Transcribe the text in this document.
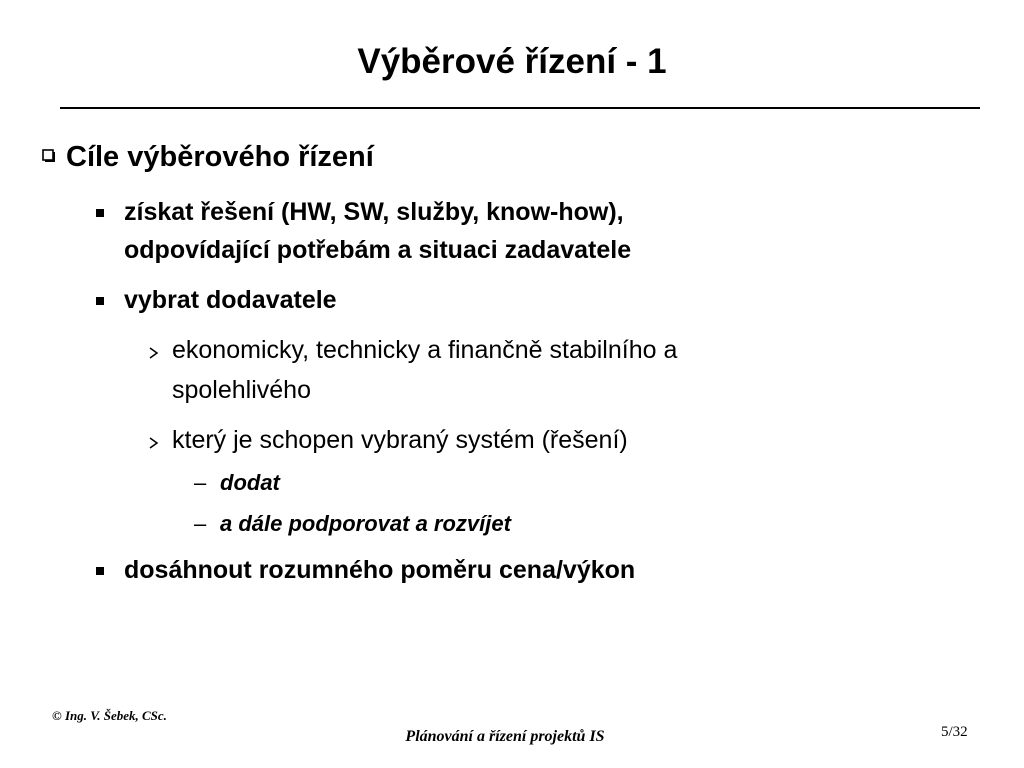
Výběrové řízení - 1
Cíle výběrového řízení
získat řešení (HW, SW, služby, know-how),
odpovídající potřebám a situaci zadavatele
vybrat dodavatele
ekonomicky, technicky a finančně stabilního a
spolehlivého
který je schopen vybraný systém (řešení)
– dodat
– a dále podporovat a rozvíjet
dosáhnout rozumného poměru cena/výkon
© Ing. V. Šebek, CSc.
Plánování a řízení projektů IS	5/32
